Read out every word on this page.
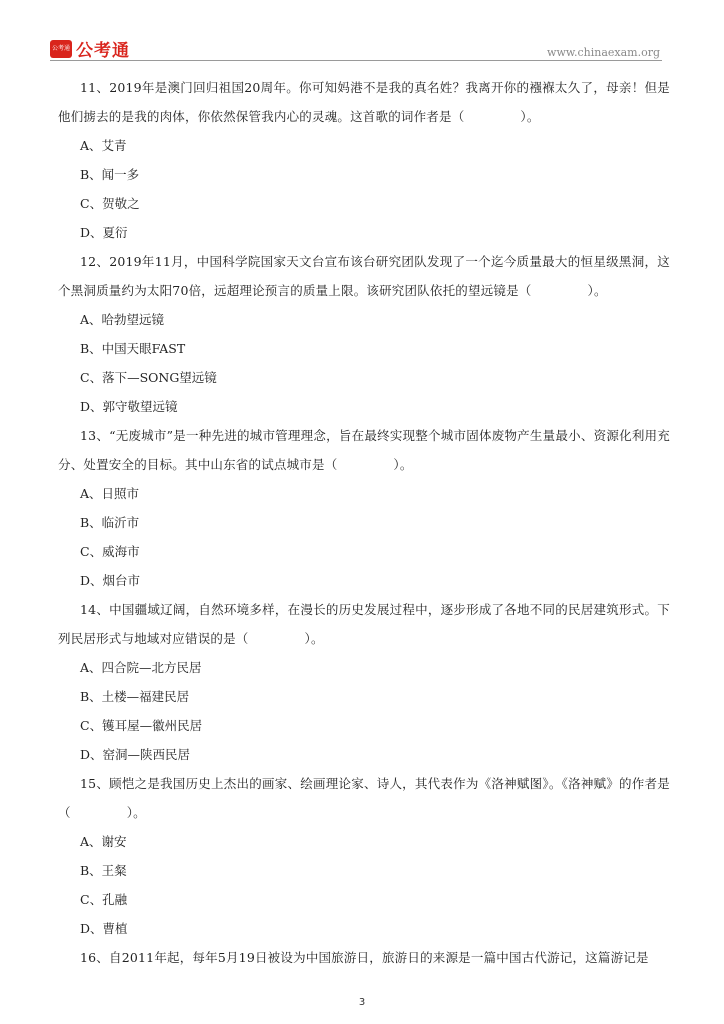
公考通 公考通	www.chinaexam.org

11、2019年是澳门回归祖国20周年。你可知妈港不是我的真名姓？我离开你的襁褓太久了，母亲！但是他们掳去的是我的肉体，你依然保管我内心的灵魂。这首歌的词作者是（	）。

A、艾青

B、闻一多

C、贺敬之

D、夏衍

12、2019年11月，中国科学院国家天文台宣布该台研究团队发现了一个迄今质量最大的恒星级黑洞，这个黑洞质量约为太阳70倍，远超理论预言的质量上限。该研究团队依托的望远镜是（	）。

A、哈勃望远镜

B、中国天眼FAST

C、落下—SONG望远镜

D、郭守敬望远镜

13、“无废城市”是一种先进的城市管理理念，旨在最终实现整个城市固体废物产生量最小、资源化利用充分、处置安全的目标。其中山东省的试点城市是（	）。

A、日照市

B、临沂市

C、威海市

D、烟台市

14、中国疆域辽阔，自然环境多样，在漫长的历史发展过程中，逐步形成了各地不同的民居建筑形式。下列民居形式与地域对应错误的是（	）。

A、四合院—北方民居

B、土楼—福建民居

C、镬耳屋—徽州民居

D、窑洞—陕西民居

15、顾恺之是我国历史上杰出的画家、绘画理论家、诗人，其代表作为《洛神赋图》。《洛神赋》的作者是（	）。

A、谢安

B、王粲

C、孔融

D、曹植

16、自2011年起，每年5月19日被设为中国旅游日，旅游日的来源是一篇中国古代游记，这篇游记是

3
